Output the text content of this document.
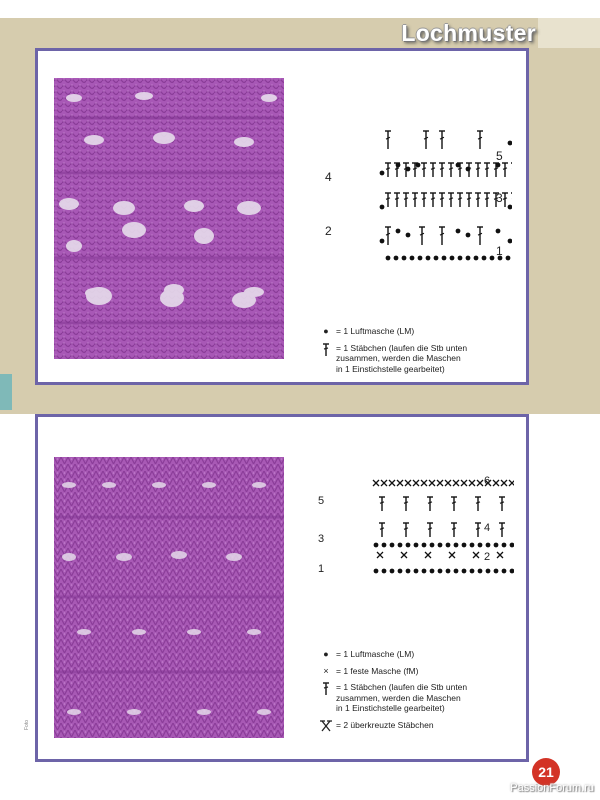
Lochmuster
5
4
3
2
1
● = 1 Luftmasche (LM)
= 1 Stäbchen (laufen die Stb unten
zusammen, werden die Maschen
in 1 Einstichstelle gearbeitet)
6
5
4
3
2
1
● = 1 Luftmasche (LM)
× = 1 feste Masche (fM)
= 1 Stäbchen (laufen die Stb unten
zusammen, werden die Maschen
in 1 Einstichstelle gearbeitet)
= 2 überkreuzte Stäbchen
Foto
21
PassionForum.ru
